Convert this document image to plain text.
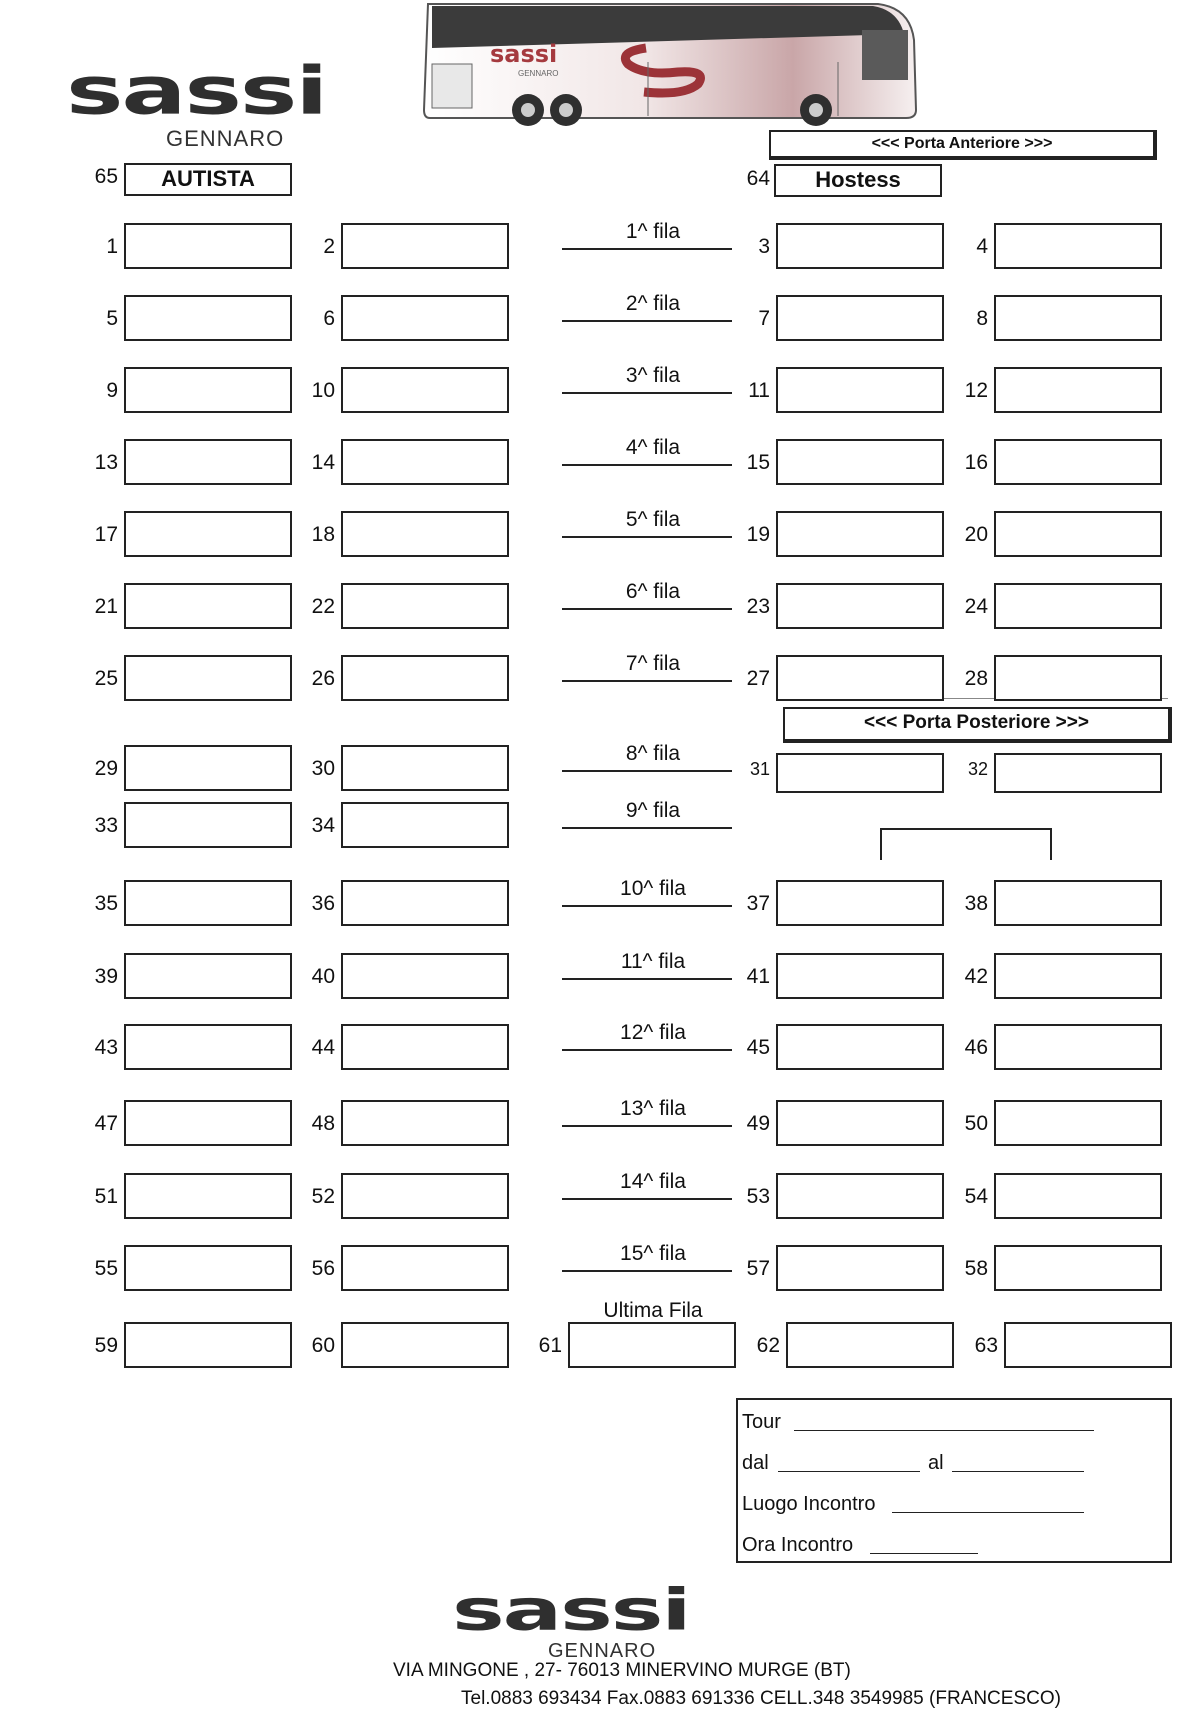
sassi
GENNARO
sassi
GENNARO
<<< Porta Anteriore >>>
<<< Porta Posteriore >>>
65	AUTISTA	64	Hostess
1^ fila
1	2	3	4
2^ fila
5	6	7	8
3^ fila
9	10	11	12
4^ fila
13	14	15	16
5^ fila
17	18	19	20
6^ fila
21	22	23	24
7^ fila
25	26	27	28
8^ fila
29	30	31	32
9^ fila
33	34
10^ fila
35	36	37	38
11^ fila
39	40	41	42
12^ fila
43	44	45	46
13^ fila
47	48	49	50
14^ fila
51	52	53	54
15^ fila
55	56	57	58
Ultima Fila
59	60	61	62	63
Tour
dal	al
Luogo Incontro
Ora Incontro
sassi
GENNARO
VIA MINGONE , 27- 76013 MINERVINO MURGE (BT)
Tel.0883 693434 Fax.0883 691336 CELL.348 3549985 (FRANCESCO)
